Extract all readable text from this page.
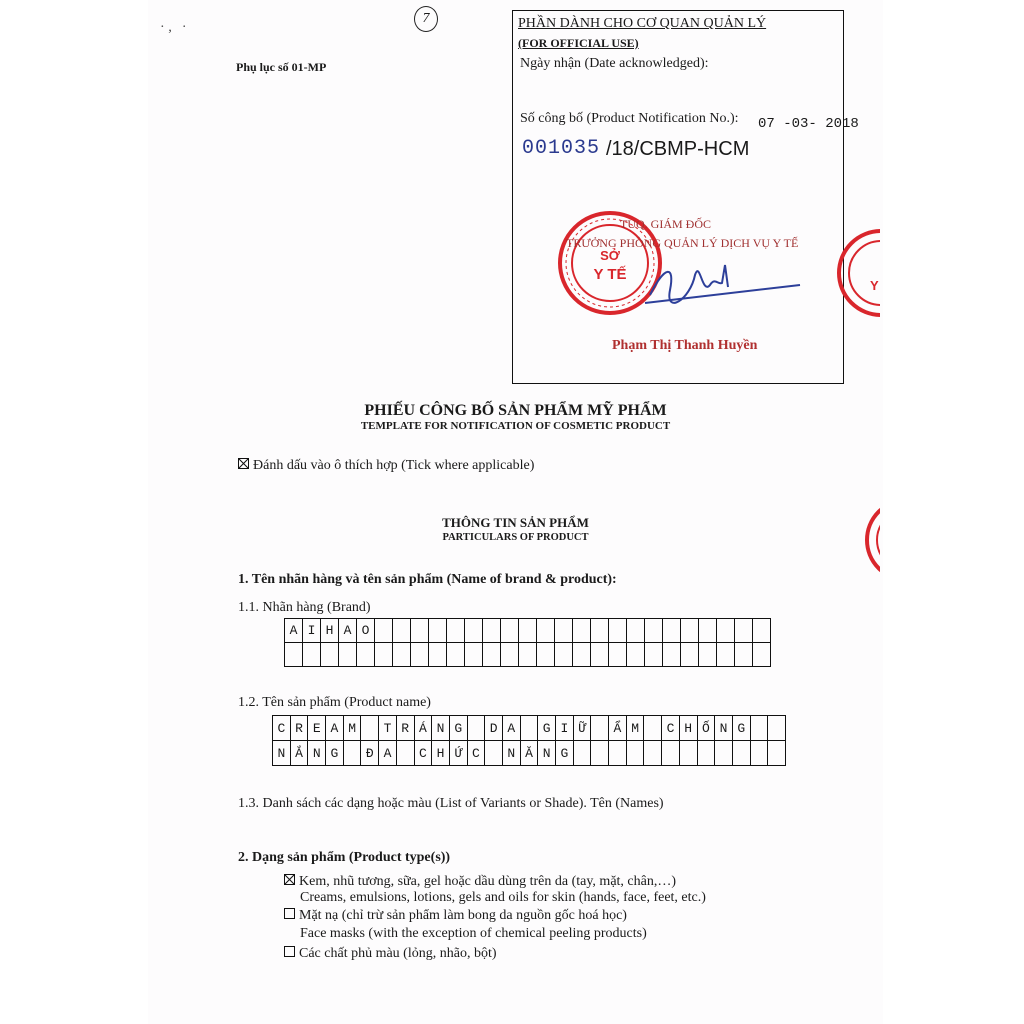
·‚ ·
7
Phụ lục số 01-MP
PHẦN DÀNH CHO CƠ QUAN QUẢN LÝ
(FOR OFFICIAL USE)
Ngày nhận (Date acknowledged):
Số công bố (Product Notification No.): 07 -03- 2018
001035 /18/CBMP-HCM
SỞ
Y TẾ
TUQ. GIÁM ĐỐC
TRƯỞNG PHÒNG QUẢN LÝ DỊCH VỤ Y TẾ
Phạm Thị Thanh Huyền
Y
PHIẾU CÔNG BỐ SẢN PHẨM MỸ PHẨM
TEMPLATE FOR NOTIFICATION OF COSMETIC PRODUCT
Đánh dấu vào ô thích hợp (Tick where applicable)
THÔNG TIN SẢN PHẨM
PARTICULARS OF PRODUCT
1. Tên nhãn hàng và tên sản phẩm (Name of brand & product):
1.1. Nhãn hàng (Brand)
A I H A O
1.2. Tên sản phẩm (Product name)
C R E A M	T R Á N G	D A	G I Ữ	Ẩ M	C H Ố N G
N Ắ N G	Đ A	C H Ứ C	N Ă N G
1.3. Danh sách các dạng hoặc màu (List of Variants or Shade). Tên (Names)
2. Dạng sản phẩm (Product type(s))
Kem, nhũ tương, sữa, gel hoặc dầu dùng trên da (tay, mặt, chân,…)
Creams, emulsions, lotions, gels and oils for skin (hands, face, feet, etc.)
Mặt nạ (chỉ trừ sản phẩm làm bong da nguồn gốc hoá học)
Face masks (with the exception of chemical peeling products)
Các chất phủ màu (lỏng, nhão, bột)
